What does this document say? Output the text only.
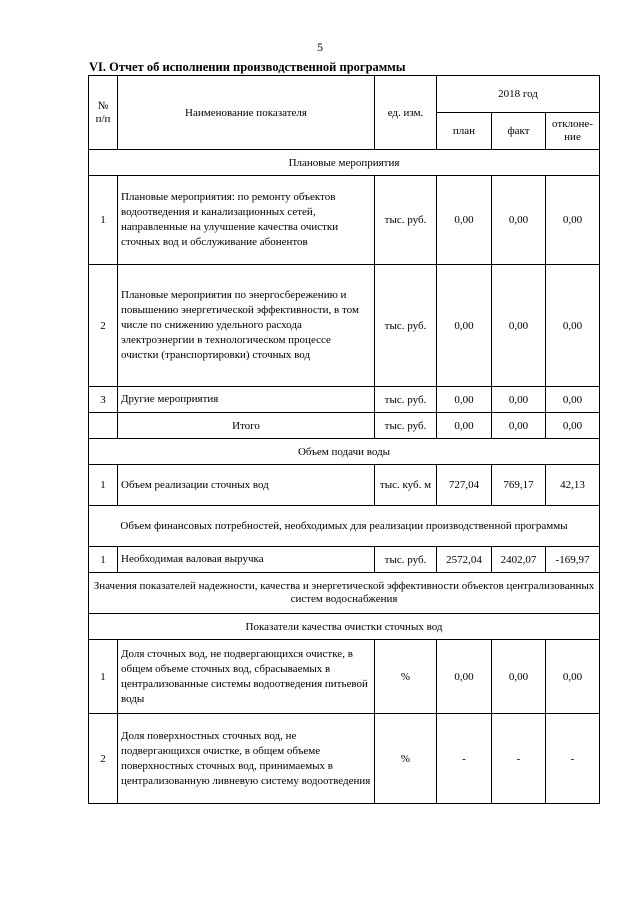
5
VI. Отчет об исполнении производственной программы
№ п/п	Наименование показателя	ед. изм.	2018 год		
			план	факт	отклоне- ние
Плановые мероприятия					
1	Плановые мероприятия: по ремонту объектов водоотведения и канализационных сетей, направленные на улучшение качества очистки сточных вод и обслуживание абонентов	тыс. руб.	0,00	0,00	0,00
2	Плановые мероприятия по энергосбережению и повышению энергетической эффективности, в том числе по снижению удельного расхода электроэнергии в технологическом процессе очистки (транспортировки) сточных вод	тыс. руб.	0,00	0,00	0,00
3	Другие мероприятия	тыс. руб.	0,00	0,00	0,00
	Итого	тыс. руб.	0,00	0,00	0,00
Объем подачи воды					
1	Объем реализации сточных вод	тыс. куб. м	727,04	769,17	42,13
Объем финансовых потребностей, необходимых для реализации производственной программы					
1	Необходимая валовая выручка	тыс. руб.	2572,04	2402,07	-169,97
Значения показателей надежности, качества и энергетической эффективности объектов централизованных систем водоснабжения					
Показатели качества очистки сточных вод					
1	Доля сточных вод, не подвергающихся очистке, в общем объеме сточных вод, сбрасываемых в централизованные системы водоотведения питьевой воды	%	0,00	0,00	0,00
2	Доля поверхностных сточных вод, не подвергающихся очистке, в общем объеме поверхностных сточных вод, принимаемых в централизованную ливневую систему водоотведения	%	-	-	-
